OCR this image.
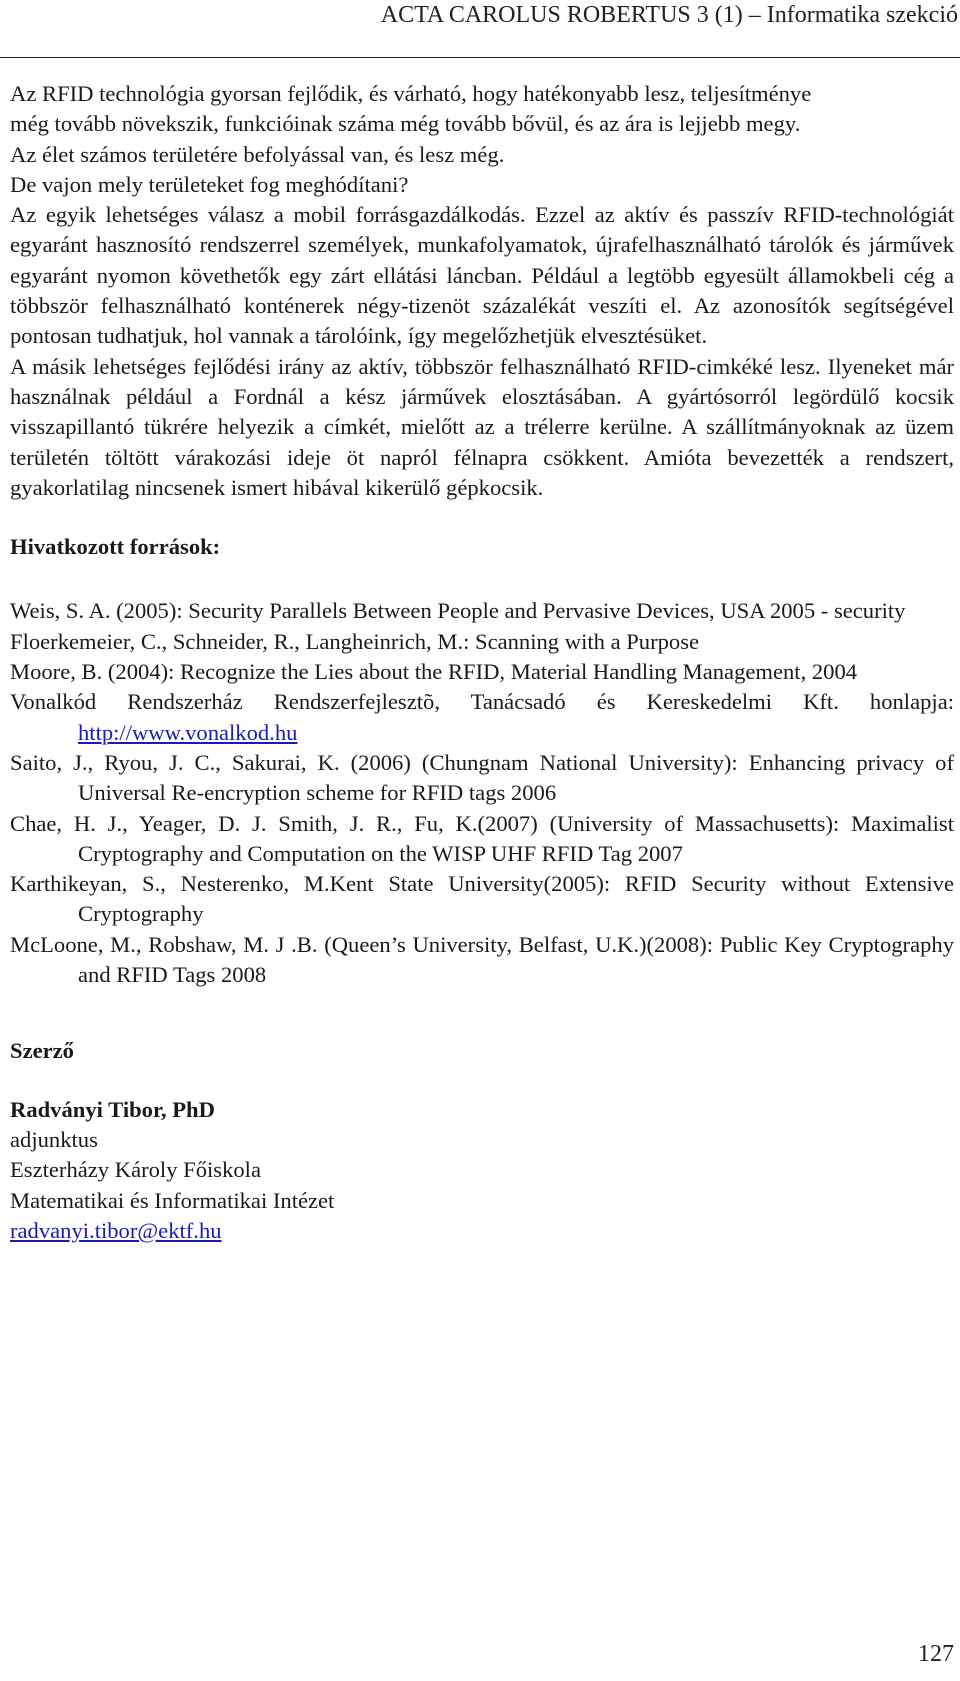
ACTA CAROLUS ROBERTUS 3 (1) – Informatika szekció

Az RFID technológia gyorsan fejlődik, és várható, hogy hatékonyabb lesz, teljesítménye

még tovább növekszik, funkcióinak száma még tovább bővül, és az ára is lejjebb megy.

Az élet számos területére befolyással van, és lesz még.

De vajon mely területeket fog meghódítani?

Az egyik lehetséges válasz a mobil forrásgazdálkodás. Ezzel az aktív és passzív RFID-technológiát egyaránt hasznosító rendszerrel személyek, munkafolyamatok, újrafelhasználható tárolók és járművek egyaránt nyomon követhetők egy zárt ellátási láncban. Például a legtöbb egyesült államokbeli cég a többször felhasználható konténerek négy-tizenöt százalékát veszíti el. Az azonosítók segítségével pontosan tudhatjuk, hol vannak a tárolóink, így megelőzhetjük elvesztésüket.

A másik lehetséges fejlődési irány az aktív, többször felhasználható RFID-cimkéké lesz. Ilyeneket már használnak például a Fordnál a kész járművek elosztásában. A gyártósorról legördülő kocsik visszapillantó tükrére helyezik a címkét, mielőtt az a trélerre kerülne. A szállítmányoknak az üzem területén töltött várakozási ideje öt napról félnapra csökkent. Amióta bevezették a rendszert, gyakorlatilag nincsenek ismert hibával kikerülő gépkocsik.

Hivatkozott források:
Weis, S. A. (2005): Security Parallels Between People and Pervasive Devices, USA 2005 - security
Floerkemeier, C., Schneider, R., Langheinrich, M.: Scanning with a Purpose
Moore, B. (2004): Recognize the Lies about the RFID, Material Handling Management, 2004
Vonalkód Rendszerház Rendszerfejlesztõ, Tanácsadó és Kereskedelmi Kft. honlapja: http://www.vonalkod.hu
Saito, J., Ryou, J. C., Sakurai, K. (2006) (Chungnam National University): Enhancing privacy of Universal Re-encryption scheme for RFID tags 2006
Chae, H. J., Yeager, D. J. Smith, J. R., Fu, K.(2007) (University of Massachusetts): Maximalist Cryptography and Computation on the WISP UHF RFID Tag 2007
Karthikeyan, S., Nesterenko, M.Kent State University(2005): RFID Security without Extensive Cryptography
McLoone, M., Robshaw, M. J .B. (Queen’s University, Belfast, U.K.)(2008): Public Key Cryptography and RFID Tags 2008
Szerző

Radványi Tibor, PhD

adjunktus

Eszterházy Károly Főiskola

Matematikai és Informatikai Intézet

radvanyi.tibor@ektf.hu

127
